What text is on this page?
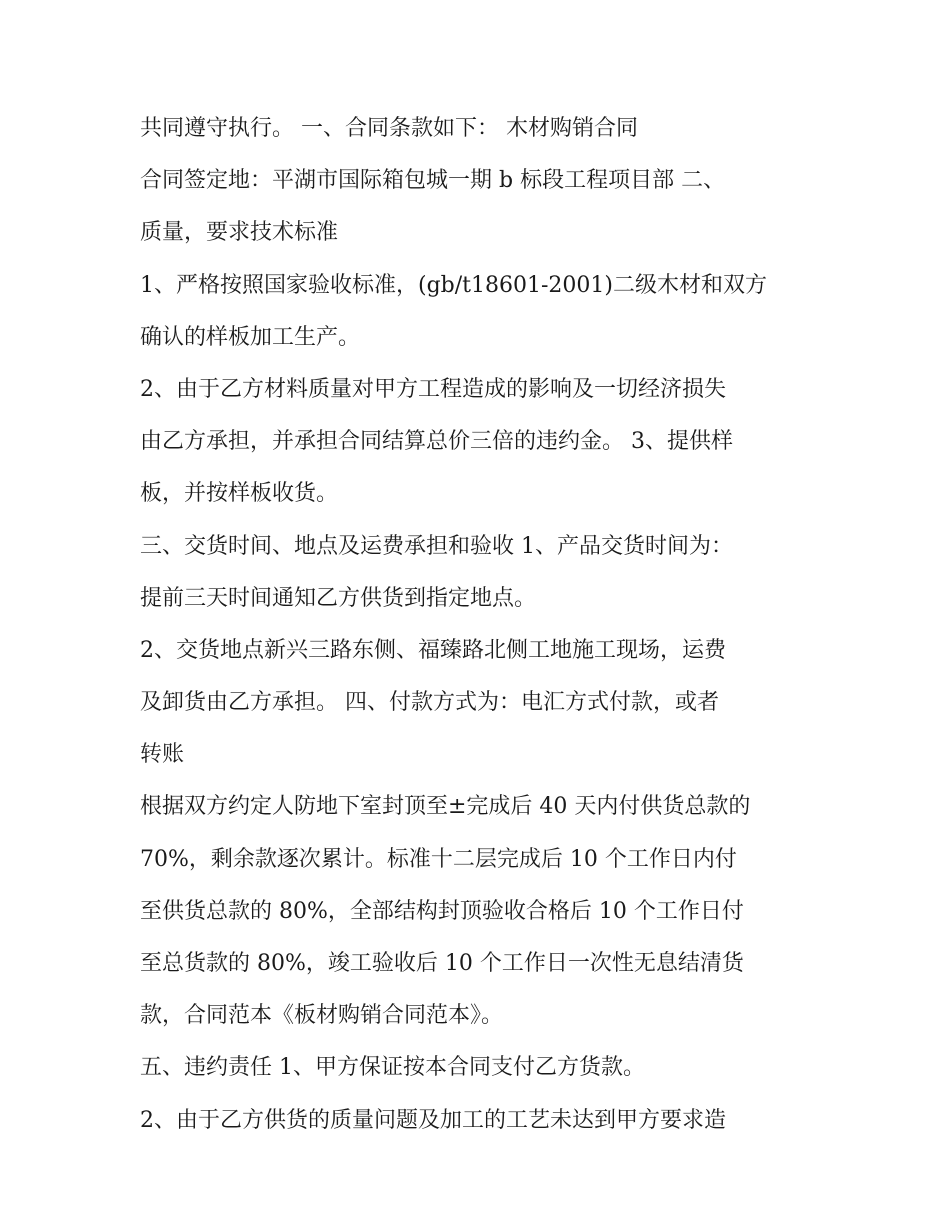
共同遵守执行。 一、合同条款如下： 木材购销合同
合同签定地：平湖市国际箱包城一期 b 标段工程项目部 二、
质量，要求技术标准
1、严格按照国家验收标准，(gb/t18601-2001)二级木材和双方
确认的样板加工生产。
2、由于乙方材料质量对甲方工程造成的影响及一切经济损失
由乙方承担，并承担合同结算总价三倍的违约金。 3、提供样
板，并按样板收货。
三、交货时间、地点及运费承担和验收 1、产品交货时间为：
提前三天时间通知乙方供货到指定地点。
2、交货地点新兴三路东侧、福臻路北侧工地施工现场，运费
及卸货由乙方承担。 四、付款方式为：电汇方式付款，或者
转账
根据双方约定人防地下室封顶至±完成后 40 天内付供货总款的
70%，剩余款逐次累计。标准十二层完成后 10 个工作日内付
至供货总款的 80%，全部结构封顶验收合格后 10 个工作日付
至总货款的 80%，竣工验收后 10 个工作日一次性无息结清货
款，合同范本《板材购销合同范本》。
五、违约责任 1、甲方保证按本合同支付乙方货款。
2、由于乙方供货的质量问题及加工的工艺未达到甲方要求造
